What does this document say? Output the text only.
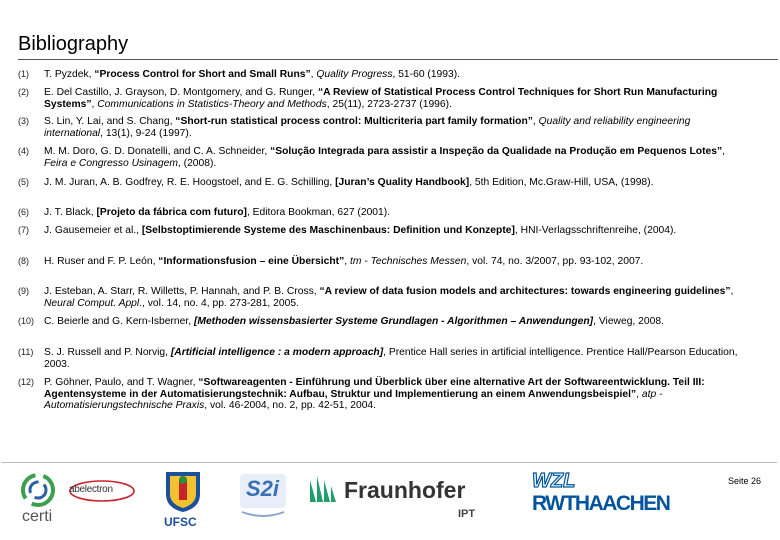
Bibliography
(1)	T. Pyzdek, “Process Control for Short and Small Runs”, Quality Progress, 51-60 (1993).
(2)	E. Del Castillo, J. Grayson, D. Montgomery, and G. Runger, “A Review of Statistical Process Control Techniques for Short Run Manufacturing Systems”, Communications in Statistics-Theory and Methods, 25(11), 2723-2737 (1996).
(3)	S. Lin, Y. Lai, and S. Chang, “Short-run statistical process control: Multicriteria part family formation”, Quality and reliability engineering international, 13(1), 9-24 (1997).
(4)	M. M. Doro, G. D. Donatelli, and C. A. Schneider, “Solução Integrada para assistir a Inspeção da Qualidade na Produção em Pequenos Lotes”, Feira e Congresso Usinagem, (2008).
(5)	J. M. Juran, A. B. Godfrey, R. E. Hoogstoel, and E. G. Schilling, [Juran’s Quality Handbook], 5th Edition, Mc.Graw-Hill, USA, (1998).
(6)	J. T. Black, [Projeto da fábrica com futuro], Editora Bookman, 627 (2001).
(7)	J. Gausemeier et al., [Selbstoptimierende Systeme des Maschinenbaus: Definition und Konzepte], HNI-Verlagsschriftenreihe, (2004).
(8)	H. Ruser and F. P. León, “Informationsfusion – eine Übersicht”, tm - Technisches Messen, vol. 74, no. 3/2007, pp. 93-102, 2007.
(9)	J. Esteban, A. Starr, R. Willetts, P. Hannah, and P. B. Cross, “A review of data fusion models and architectures: towards engineering guidelines”, Neural Comput. Appl., vol. 14, no. 4, pp. 273-281, 2005.
(10) C. Beierle and G. Kern-Isberner, [Methoden wissensbasierter Systeme Grundlagen - Algorithmen – Anwendungen], Vieweg, 2008.
(11)	S. J. Russell and P. Norvig, [Artificial intelligence : a modern approach], Prentice Hall series in artificial intelligence. Prentice Hall/Pearson Education, 2003.
(12) P. Göhner, Paulo, and T. Wagner, “Softwareagenten - Einführung und Überblick über eine alternative Art der Softwareentwicklung. Teil III: Agentensysteme in der Automatisierungstechnik: Aufbau, Struktur und Implementierung an einem Anwendungsbeispiel”, atp - Automatisierungstechnische Praxis, vol. 46-2004, no. 2, pp. 42-51, 2004.
Seite 26
certi
abelectron
UFSC
S2i	Fraunhofer
IPT
WZL
RWTHAACHEN
